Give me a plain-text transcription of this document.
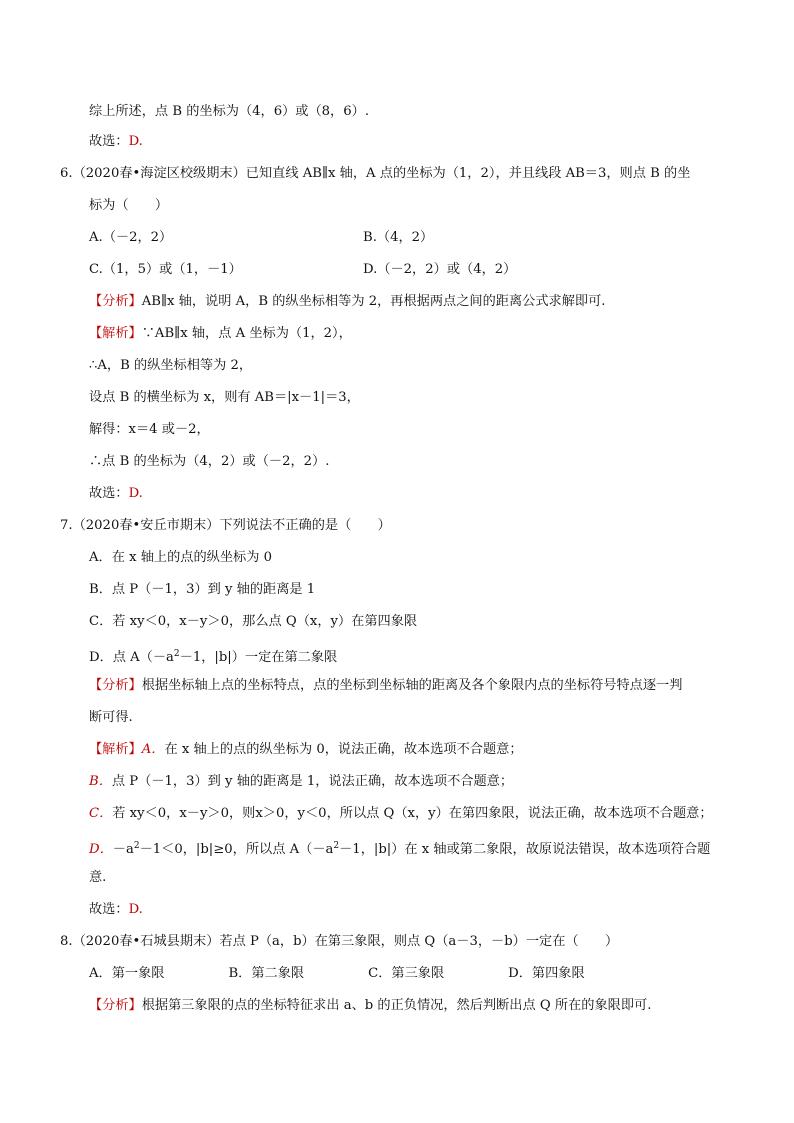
综上所述，点 B 的坐标为（4，6）或（8，6）.
故选：D.
6.（2020春•海淀区校级期末）已知直线 AB∥x 轴，A 点的坐标为（1，2），并且线段 AB＝3，则点 B 的坐
标为（　　）
A.（－2，2）	B.（4，2）
C.（1，5）或（1，－1）	D.（－2，2）或（4，2）
【分析】AB∥x 轴，说明 A，B 的纵坐标相等为 2，再根据两点之间的距离公式求解即可.
【解析】∵AB∥x 轴，点 A 坐标为（1，2），
∴A，B 的纵坐标相等为 2，
设点 B 的横坐标为 x，则有 AB＝|x－1|＝3，
解得：x＝4 或－2，
∴点 B 的坐标为（4，2）或（－2，2）.
故选：D.
7.（2020春•安丘市期末）下列说法不正确的是（　　）
A．在 x 轴上的点的纵坐标为 0
B．点 P（－1，3）到 y 轴的距离是 1
C．若 xy＜0，x－y＞0，那么点 Q（x，y）在第四象限
D．点 $A(-a^2-1$，|b|）一定在第二象限
【分析】根据坐标轴上点的坐标特点，点的坐标到坐标轴的距离及各个象限内点的坐标符号特点逐一判
断可得.
【解析】A．在 x 轴上的点的纵坐标为 0，说法正确，故本选项不合题意；
B．点 P（－1，3）到 y 轴的距离是 1，说法正确，故本选项不合题意；
C．若 xy＜0，x－y＞0，则x＞0，y＜0，所以点 Q（x，y）在第四象限，说法正确，故本选项不合题意；
D．$-a^2-1<0$，|b|≥0，所以点 $A(-a^2-1$，|b|）在 x 轴或第二象限，故原说法错误，故本选项符合题
意.
故选：D.
8.（2020春•石城县期末）若点 P（a，b）在第三象限，则点 Q（a－3，－b）一定在（　　）
A．第一象限	B．第二象限	C．第三象限	D．第四象限
【分析】根据第三象限的点的坐标特征求出 a、b 的正负情况，然后判断出点 Q 所在的象限即可.
